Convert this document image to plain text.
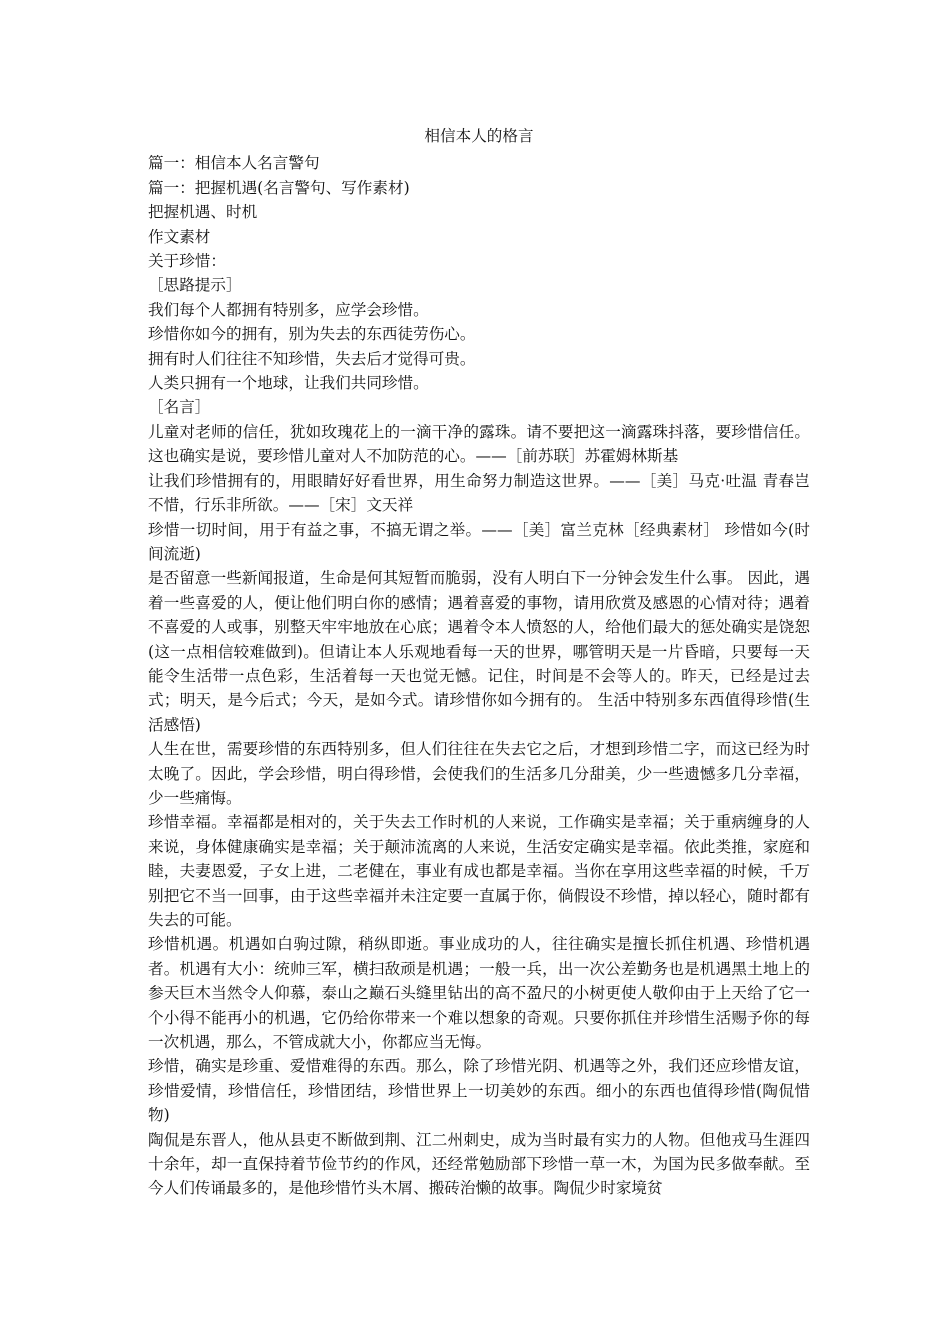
相信本人的格言
篇一：相信本人名言警句
篇一：把握机遇(名言警句、写作素材)
把握机遇、时机
作文素材
关于珍惜：
［思路提示］
我们每个人都拥有特别多，应学会珍惜。
珍惜你如今的拥有，别为失去的东西徒劳伤心。
拥有时人们往往不知珍惜，失去后才觉得可贵。
人类只拥有一个地球，让我们共同珍惜。
［名言］

儿童对老师的信任，犹如玫瑰花上的一滴干净的露珠。请不要把这一滴露珠抖落，要珍惜信任。这也确实是说，要珍惜儿童对人不加防范的心。——［前苏联］苏霍姆林斯基

让我们珍惜拥有的，用眼睛好好看世界，用生命努力制造这世界。——［美］马克·吐温 青春岂不惜，行乐非所欲。——［宋］文天祥

珍惜一切时间，用于有益之事，不搞无谓之举。——［美］富兰克林［经典素材］ 珍惜如今(时间流逝)

是否留意一些新闻报道，生命是何其短暂而脆弱，没有人明白下一分钟会发生什么事。 因此，遇着一些喜爱的人，便让他们明白你的感情；遇着喜爱的事物，请用欣赏及感恩的心情对待；遇着不喜爱的人或事，别整天牢牢地放在心底；遇着令本人愤怒的人，给他们最大的惩处确实是饶恕(这一点相信较难做到)。但请让本人乐观地看每一天的世界，哪管明天是一片昏暗，只要每一天能令生活带一点色彩，生活着每一天也觉无憾。记住，时间是不会等人的。昨天，已经是过去式；明天，是今后式；今天，是如今式。请珍惜你如今拥有的。 生活中特别多东西值得珍惜(生活感悟)

人生在世，需要珍惜的东西特别多，但人们往往在失去它之后，才想到珍惜二字，而这已经为时太晚了。因此，学会珍惜，明白得珍惜，会使我们的生活多几分甜美，少一些遗憾多几分幸福，少一些痛悔。

珍惜幸福。幸福都是相对的，关于失去工作时机的人来说，工作确实是幸福；关于重病缠身的人来说，身体健康确实是幸福；关于颠沛流离的人来说，生活安定确实是幸福。依此类推，家庭和睦，夫妻恩爱，子女上进，二老健在，事业有成也都是幸福。当你在享用这些幸福的时候，千万别把它不当一回事，由于这些幸福并未注定要一直属于你，倘假设不珍惜，掉以轻心，随时都有失去的可能。

珍惜机遇。机遇如白驹过隙，稍纵即逝。事业成功的人，往往确实是擅长抓住机遇、珍惜机遇者。机遇有大小：统帅三军，横扫敌顽是机遇；一般一兵，出一次公差勤务也是机遇黑土地上的参天巨木当然令人仰慕，泰山之巅石头缝里钻出的高不盈尺的小树更使人敬仰由于上天给了它一个小得不能再小的机遇，它仍给你带来一个难以想象的奇观。只要你抓住并珍惜生活赐予你的每一次机遇，那么，不管成就大小，你都应当无悔。

珍惜，确实是珍重、爱惜难得的东西。那么，除了珍惜光阴、机遇等之外，我们还应珍惜友谊，珍惜爱情，珍惜信任，珍惜团结，珍惜世界上一切美妙的东西。细小的东西也值得珍惜(陶侃惜物)

陶侃是东晋人，他从县吏不断做到荆、江二州刺史，成为当时最有实力的人物。但他戎马生涯四十余年，却一直保持着节俭节约的作风，还经常勉励部下珍惜一草一木，为国为民多做奉献。至今人们传诵最多的，是他珍惜竹头木屑、搬砖治懒的故事。陶侃少时家境贫
